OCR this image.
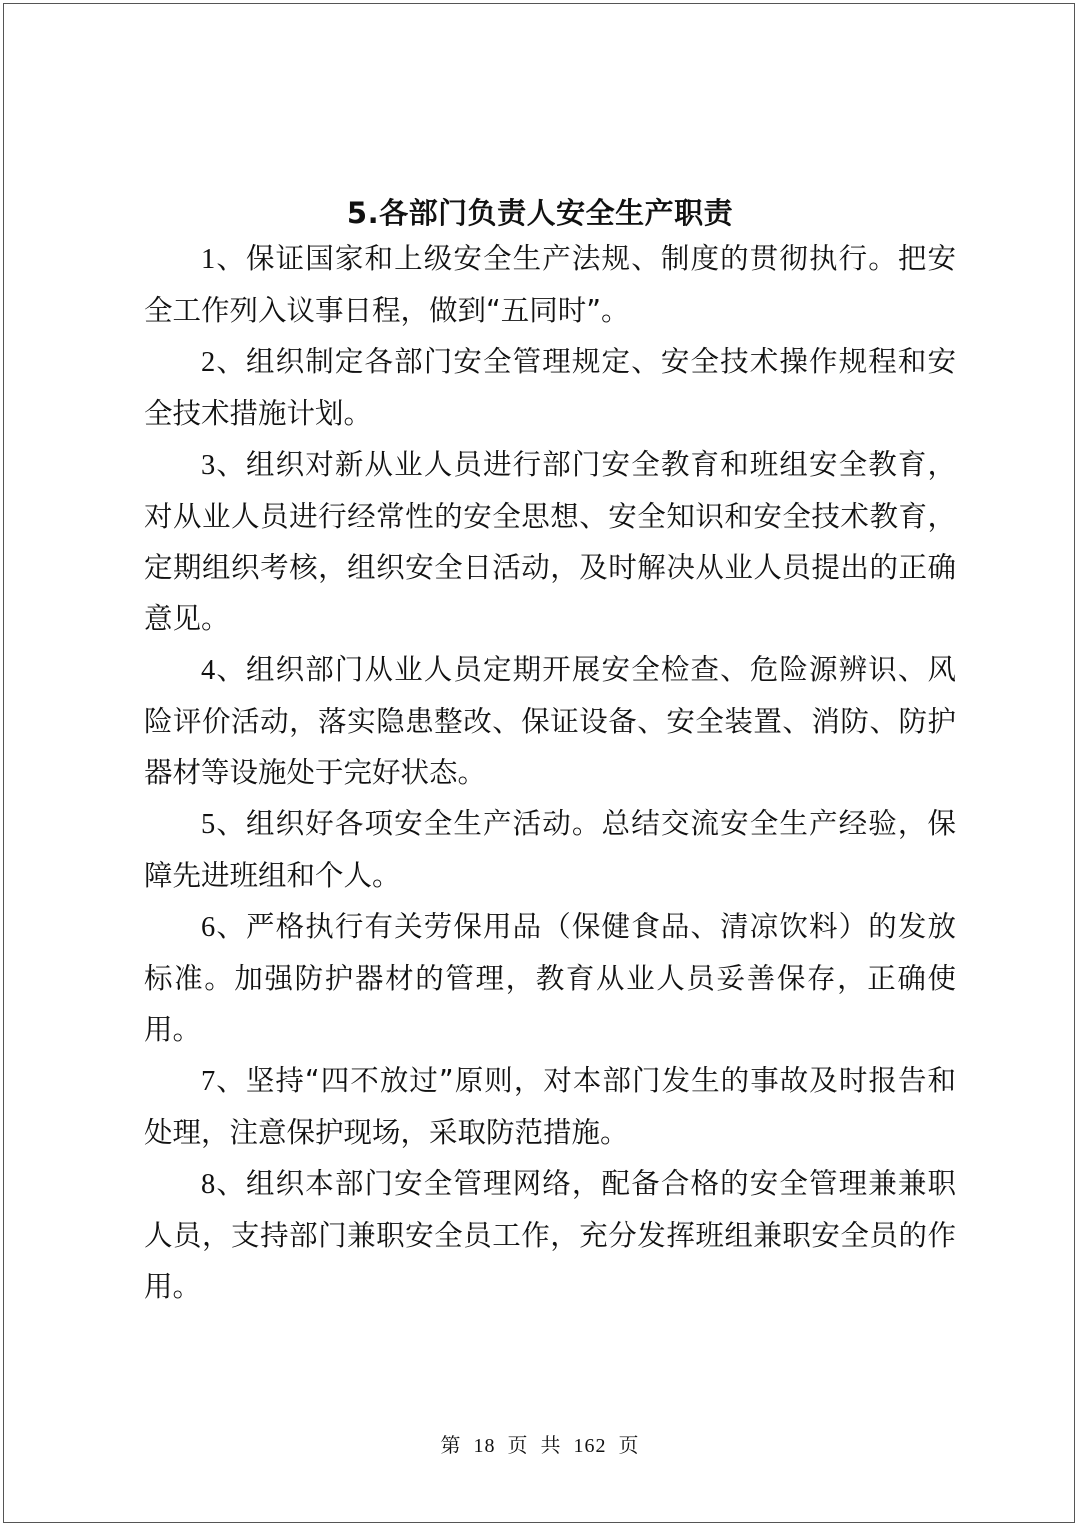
5.各部门负责人安全生产职责

1、保证国家和上级安全生产法规、制度的贯彻执行。把安全工作列入议事日程，做到“五同时”。

2、组织制定各部门安全管理规定、安全技术操作规程和安全技术措施计划。

3、组织对新从业人员进行部门安全教育和班组安全教育，对从业人员进行经常性的安全思想、安全知识和安全技术教育，定期组织考核，组织安全日活动，及时解决从业人员提出的正确意见。

4、组织部门从业人员定期开展安全检查、危险源辨识、风险评价活动，落实隐患整改、保证设备、安全装置、消防、防护器材等设施处于完好状态。

5、组织好各项安全生产活动。总结交流安全生产经验，保障先进班组和个人。

6、严格执行有关劳保用品（保健食品、清凉饮料）的发放标准。加强防护器材的管理，教育从业人员妥善保存，正确使用。

7、坚持“四不放过”原则，对本部门发生的事故及时报告和处理，注意保护现场，采取防范措施。

8、组织本部门安全管理网络，配备合格的安全管理兼兼职人员，支持部门兼职安全员工作，充分发挥班组兼职安全员的作用。

第 18 页 共 162 页
